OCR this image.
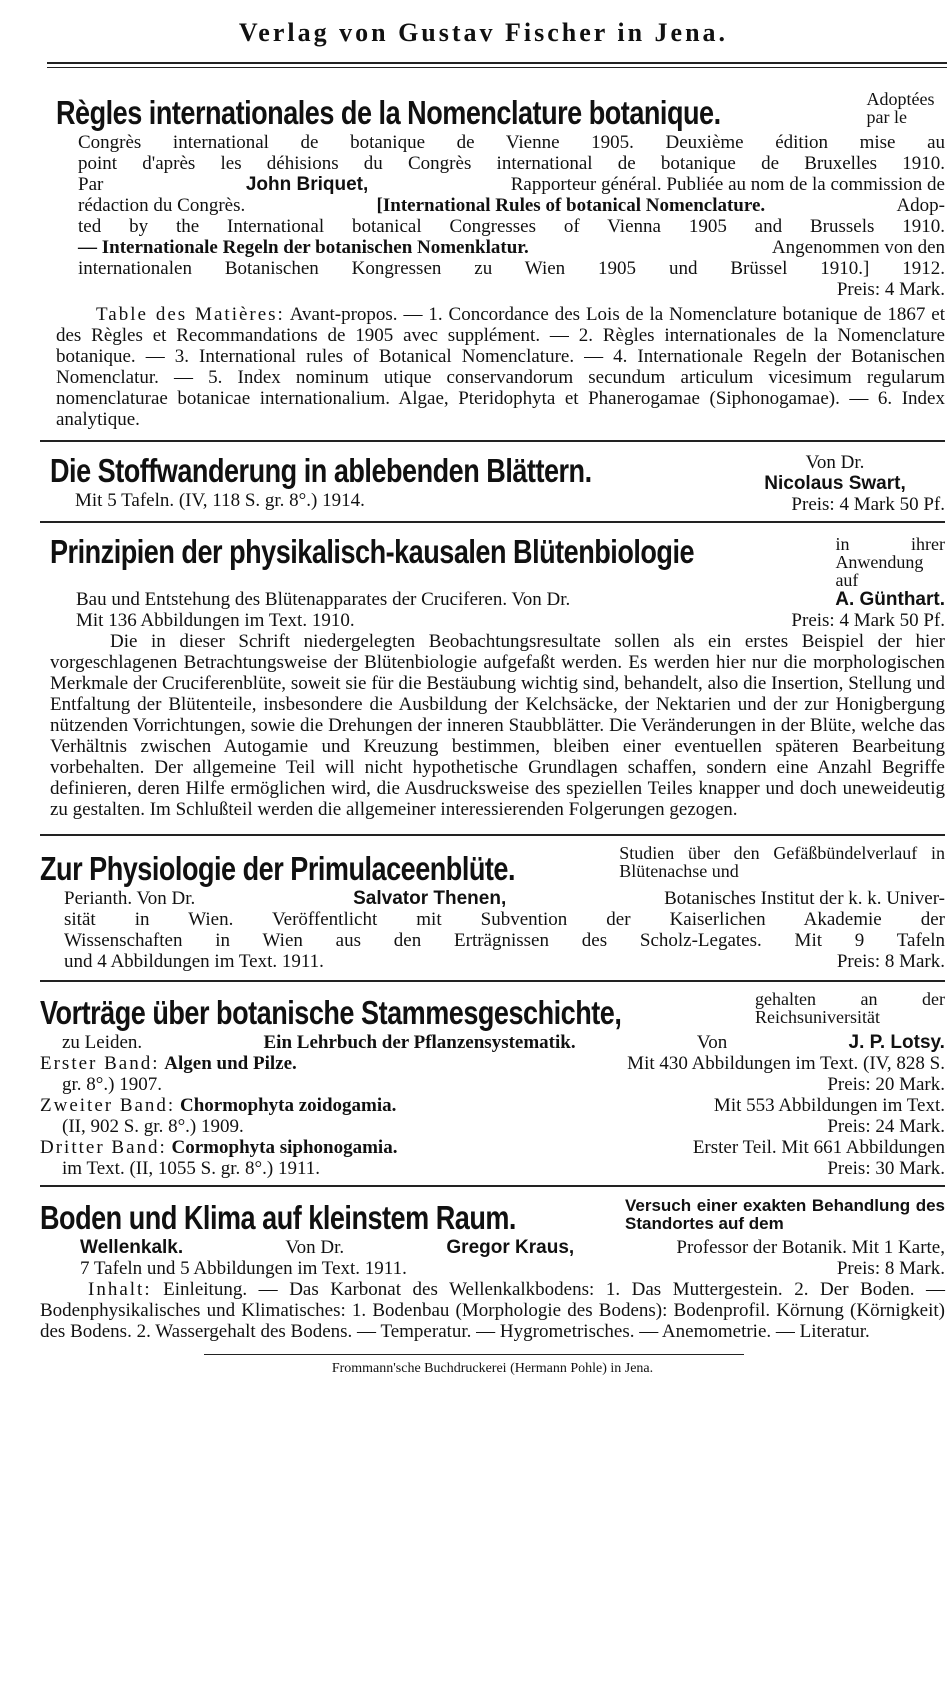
Verlag von Gustav Fischer in Jena.
Règles internationales de la Nomenclature botanique.	Adoptées par le
Congrès international de botanique de Vienne 1905. Deuxième édition mise au
point d'après les déhisions du Congrès international de botanique de Bruxelles 1910.
Par	John Briquet,	Rapporteur général. Publiée au nom de la commission de
rédaction du Congrès.	[International Rules of botanical Nomenclature.	Adop-
ted by the International botanical Congresses of Vienna 1905 and Brussels 1910.
— Internationale Regeln der botanischen Nomenklatur.	Angenommen von den
internationalen Botanischen Kongressen zu Wien 1905 und Brüssel 1910.] 1912.
Preis: 4 Mark.

Table des Matières: Avant-propos. — 1. Concordance des Lois de la Nomenclature botanique de 1867 et des Règles et Recommandations de 1905 avec supplément. — 2. Règles internationales de la Nomenclature botanique. — 3. International rules of Botanical Nomenclature. — 4. Internationale Regeln der Botanischen Nomenclatur. — 5. Index nominum utique conservandorum secundum articulum vicesimum regularum nomenclaturae botanicae internationalium. Algae, Pteridophyta et Phanerogamae (Siphonogamae). — 6. Index analytique.

Die Stoffwanderung in ablebenden Blättern.
Mit 5 Tafeln. (IV, 118 S. gr. 8°.) 1914.
Von Dr.
Nicolaus Swart,
Preis: 4 Mark 50 Pf.
Prinzipien der physikalisch-kausalen Blütenbiologie	in ihrer Anwendung auf
Bau und Entstehung des Blütenapparates der Cruciferen. Von Dr.	A. Günthart.
Mit 136 Abbildungen im Text. 1910.	Preis: 4 Mark 50 Pf.

Die in dieser Schrift niedergelegten Beobachtungsresultate sollen als ein erstes Beispiel der hier vorgeschlagenen Betrachtungsweise der Blütenbiologie aufgefaßt werden. Es werden hier nur die morphologischen Merkmale der Cruciferenblüte, soweit sie für die Bestäubung wichtig sind, behandelt, also die Insertion, Stellung und Entfaltung der Blütenteile, insbesondere die Ausbildung der Kelchsäcke, der Nektarien und der zur Honigbergung nützenden Vorrichtungen, sowie die Drehungen der inneren Staubblätter. Die Veränderungen in der Blüte, welche das Verhältnis zwischen Autogamie und Kreuzung bestimmen, bleiben einer eventuellen späteren Bearbeitung vorbehalten. Der allgemeine Teil will nicht hypothetische Grundlagen schaffen, sondern eine Anzahl Begriffe definieren, deren Hilfe ermöglichen wird, die Ausdrucksweise des speziellen Teiles knapper und doch uneweideutig zu gestalten. Im Schlußteil werden die allgemeiner interessierenden Folgerungen gezogen.

Zur Physiologie der Primulaceenblüte.	Studien über den Gefäßbündelverlauf in Blütenachse und
Perianth. Von Dr.	Salvator Thenen,	Botanisches Institut der k. k. Univer-
sität in Wien. Veröffentlicht mit Subvention der Kaiserlichen Akademie der
Wissenschaften in Wien aus den Erträgnissen des Scholz-Legates. Mit 9 Tafeln
und 4 Abbildungen im Text. 1911.	Preis: 8 Mark.
Vorträge über botanische Stammesgeschichte,	gehalten an der Reichsuniversität
zu Leiden.	Ein Lehrbuch der Pflanzensystematik.	Von	J. P. Lotsy.
Erster Band: Algen und Pilze.	Mit 430 Abbildungen im Text. (IV, 828 S.
gr. 8°.) 1907.	Preis: 20 Mark.
Zweiter Band: Chormophyta zoidogamia.	Mit 553 Abbildungen im Text.
(II, 902 S. gr. 8°.) 1909.	Preis: 24 Mark.
Dritter Band: Cormophyta siphonogamia.	Erster Teil. Mit 661 Abbildungen
im Text. (II, 1055 S. gr. 8°.) 1911.	Preis: 30 Mark.
Boden und Klima auf kleinstem Raum.	Versuch einer exakten Behandlung des Standortes auf dem
Wellenkalk.	Von Dr.	Gregor Kraus,	Professor der Botanik. Mit 1 Karte,
7 Tafeln und 5 Abbildungen im Text. 1911.	Preis: 8 Mark.

Inhalt: Einleitung. — Das Karbonat des Wellenkalkbodens: 1. Das Muttergestein. 2. Der Boden. — Bodenphysikalisches und Klimatisches: 1. Bodenbau (Morphologie des Bodens): Bodenprofil. Körnung (Körnigkeit) des Bodens. 2. Wassergehalt des Bodens. — Temperatur. — Hygrometrisches. — Anemometrie. — Literatur.

Frommann'sche Buchdruckerei (Hermann Pohle) in Jena.
